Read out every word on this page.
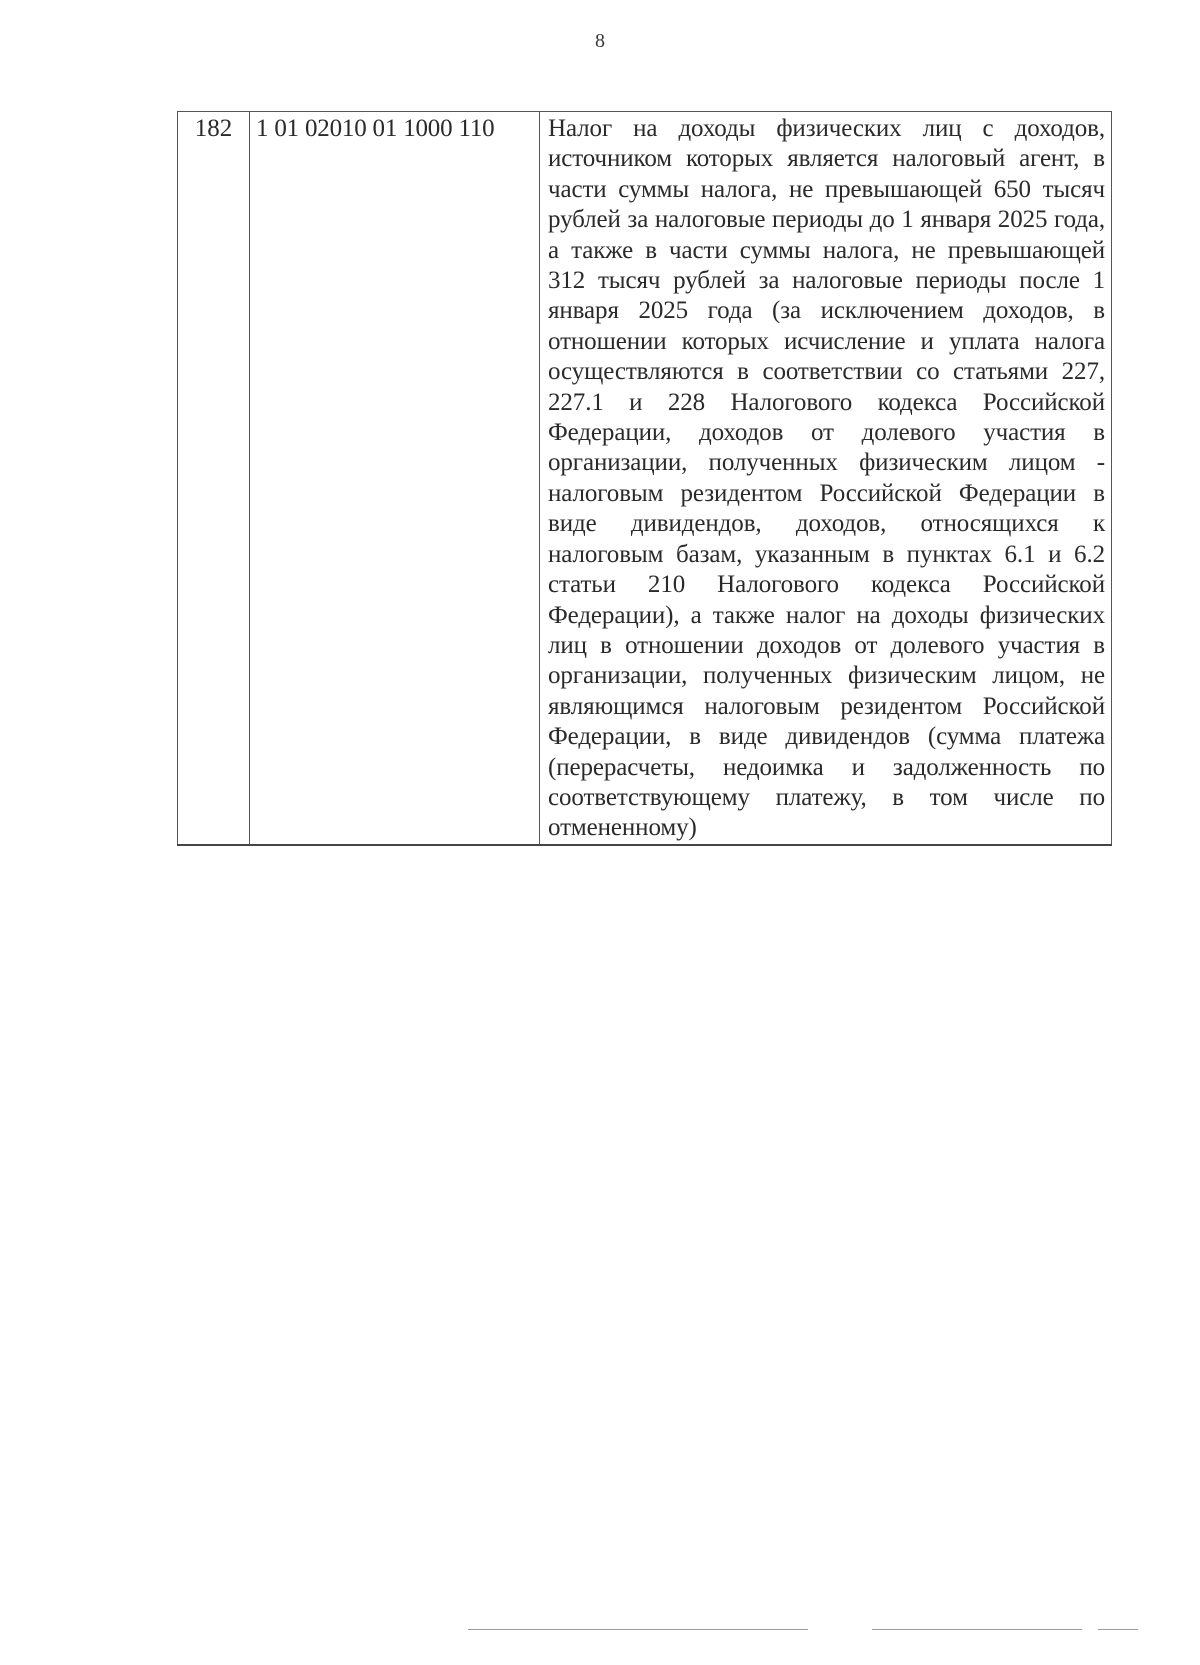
8
182	1 01 02010 01 1000 110	Налог на доходы физических лиц с доходов, источником которых является налоговый агент, в части суммы налога, не превышающей 650 тысяч рублей за налоговые периоды до 1 января 2025 года, а также в части суммы налога, не превышающей 312 тысяч рублей за налоговые периоды после 1 января 2025 года (за исключением доходов, в отношении которых исчисление и уплата налога осуществляются в соответствии со статьями 227, 227.1 и 228 Налогового кодекса Российской Федерации, доходов от долевого участия в организации, полученных физическим лицом - налоговым резидентом Российской Федерации в виде дивидендов, доходов, относящихся к налоговым базам, указанным в пунктах 6.1 и 6.2 статьи 210 Налогового кодекса Российской Федерации), а также налог на доходы физических лиц в отношении доходов от долевого участия в организации, полученных физическим лицом, не являющимся налоговым резидентом Российской Федерации, в виде дивидендов (сумма платежа (перерасчеты, недоимка и задолженность по соответствующему платежу, в том числе по отмененному)
